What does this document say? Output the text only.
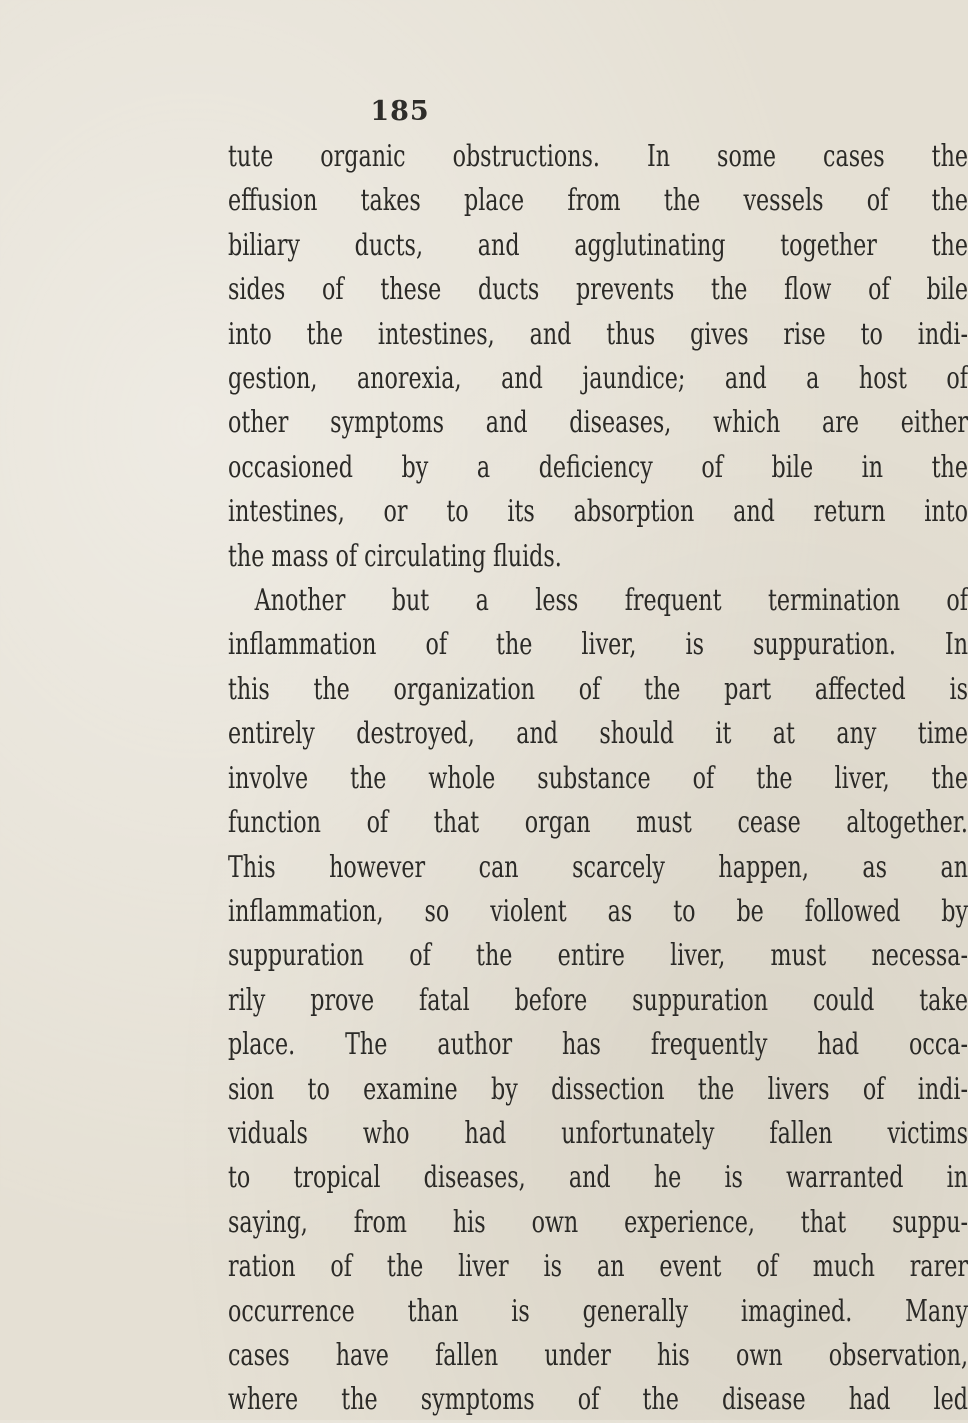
185
tute organic obstructions. In some cases the
effusion takes place from the vessels of the
biliary ducts, and agglutinating together the
sides of these ducts prevents the flow of bile
into the intestines, and thus gives rise to indi-
gestion, anorexia, and jaundice; and a host of
other symptoms and diseases, which are either
occasioned by a deficiency of bile in the
intestines, or to its absorption and return into
the mass of circulating fluids.
Another but a less frequent termination of
inflammation of the liver, is suppuration. In
this the organization of the part affected is
entirely destroyed, and should it at any time
involve the whole substance of the liver, the
function of that organ must cease altogether.
This however can scarcely happen, as an
inflammation, so violent as to be followed by
suppuration of the entire liver, must necessa-
rily prove fatal before suppuration could take
place. The author has frequently had occa-
sion to examine by dissection the livers of indi-
viduals who had unfortunately fallen victims
to tropical diseases, and he is warranted in
saying, from his own experience, that suppu-
ration of the liver is an event of much rarer
occurrence than is generally imagined. Many
cases have fallen under his own observation,
where the symptoms of the disease had led
